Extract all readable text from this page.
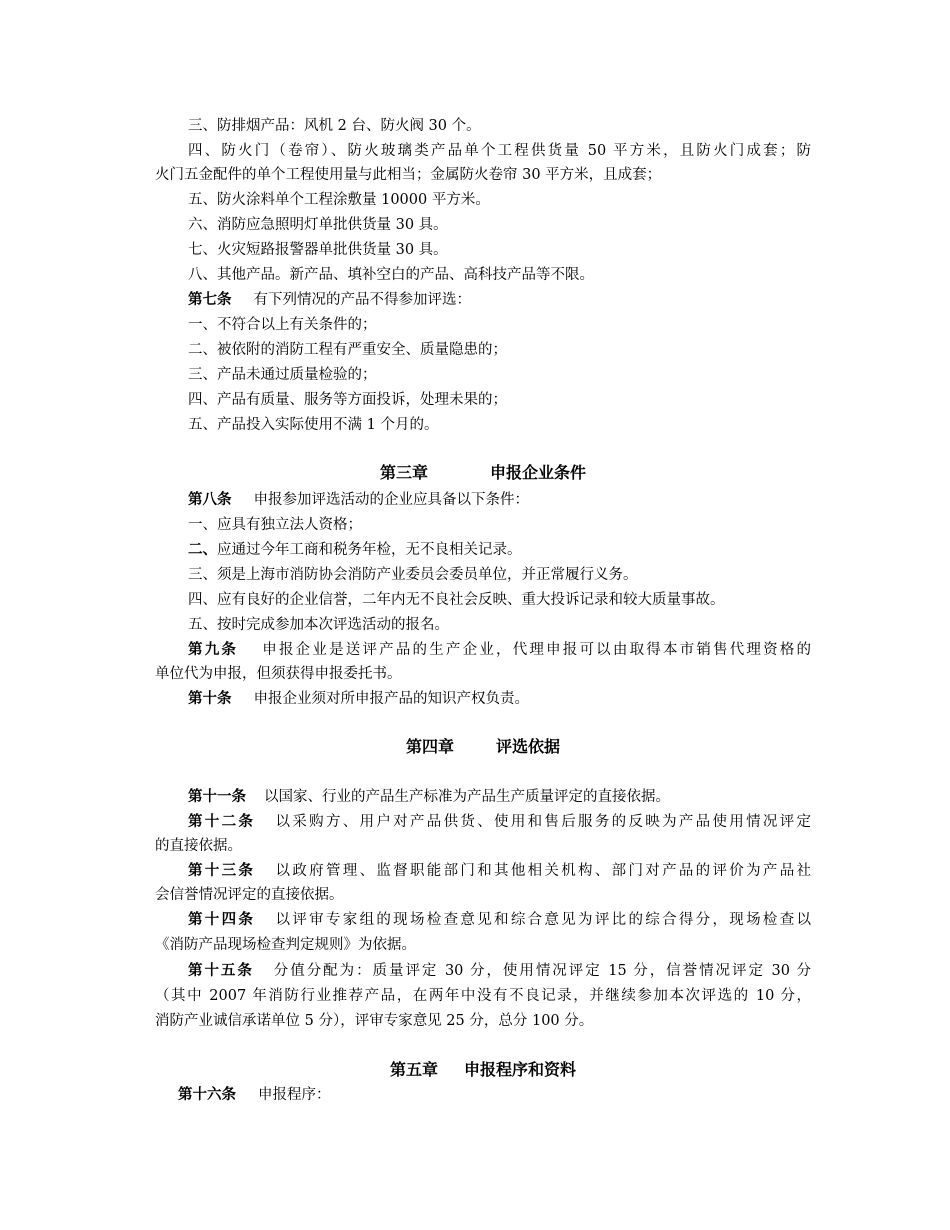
三、防排烟产品：风机 2 台、防火阀 30 个。
四、防火门（卷帘）、防火玻璃类产品单个工程供货量 50 平方米，且防火门成套；防
火门五金配件的单个工程使用量与此相当；金属防火卷帘 30 平方米，且成套；
五、防火涂料单个工程涂敷量 10000 平方米。
六、消防应急照明灯单批供货量 30 具。
七、火灾短路报警器单批供货量 30 具。
八、其他产品。新产品、填补空白的产品、高科技产品等不限。
第七条 有下列情况的产品不得参加评选：
一、不符合以上有关条件的；
二、被依附的消防工程有严重安全、质量隐患的；
三、产品未通过质量检验的；
四、产品有质量、服务等方面投诉，处理未果的；
五、产品投入实际使用不满 1 个月的。
第三章	申报企业条件
第八条 申报参加评选活动的企业应具备以下条件：
一、应具有独立法人资格；
二、应通过今年工商和税务年检，无不良相关记录。
三、须是上海市消防协会消防产业委员会委员单位，并正常履行义务。
四、应有良好的企业信誉，二年内无不良社会反映、重大投诉记录和较大质量事故。
五、按时完成参加本次评选活动的报名。
第九条 申报企业是送评产品的生产企业，代理申报可以由取得本市销售代理资格的
单位代为申报，但须获得申报委托书。
第十条 申报企业须对所申报产品的知识产权负责。
第四章	评选依据
第十一条 以国家、行业的产品生产标准为产品生产质量评定的直接依据。
第十二条 以采购方、用户对产品供货、使用和售后服务的反映为产品使用情况评定
的直接依据。
第十三条 以政府管理、监督职能部门和其他相关机构、部门对产品的评价为产品社
会信誉情况评定的直接依据。
第十四条 以评审专家组的现场检查意见和综合意见为评比的综合得分，现场检查以
《消防产品现场检查判定规则》为依据。
第十五条 分值分配为：质量评定 30 分，使用情况评定 15 分，信誉情况评定 30 分
（其中 2007 年消防行业推荐产品，在两年中没有不良记录，并继续参加本次评选的 10 分，
消防产业诚信承诺单位 5 分），评审专家意见 25 分，总分 100 分。
第五章 申报程序和资料
第十六条 申报程序：
